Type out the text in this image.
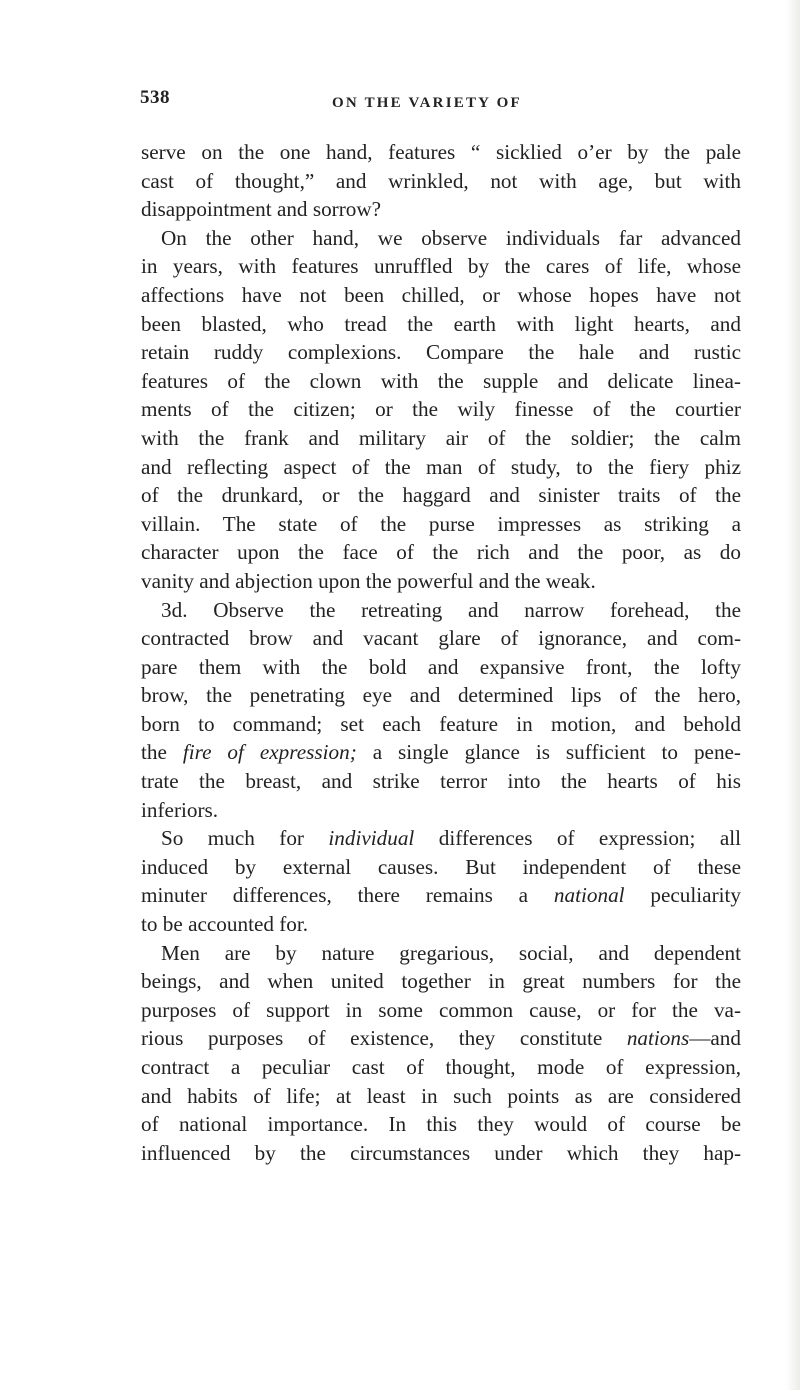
538	ON THE VARIETY OF
serve on the one hand, features “ sicklied o’er by the pale
cast of thought,” and wrinkled, not with age, but with
disappointment and sorrow?
On the other hand, we observe individuals far advanced
in years, with features unruffled by the cares of life, whose
affections have not been chilled, or whose hopes have not
been blasted, who tread the earth with light hearts, and
retain ruddy complexions. Compare the hale and rustic
features of the clown with the supple and delicate linea-
ments of the citizen; or the wily finesse of the courtier
with the frank and military air of the soldier; the calm
and reflecting aspect of the man of study, to the fiery phiz
of the drunkard, or the haggard and sinister traits of the
villain. The state of the purse impresses as striking a
character upon the face of the rich and the poor, as do
vanity and abjection upon the powerful and the weak.
3d. Observe the retreating and narrow forehead, the
contracted brow and vacant glare of ignorance, and com-
pare them with the bold and expansive front, the lofty
brow, the penetrating eye and determined lips of the hero,
born to command; set each feature in motion, and behold
the fire of expression; a single glance is sufficient to pene-
trate the breast, and strike terror into the hearts of his
inferiors.
So much for individual differences of expression; all
induced by external causes. But independent of these
minuter differences, there remains a national peculiarity
to be accounted for.
Men are by nature gregarious, social, and dependent
beings, and when united together in great numbers for the
purposes of support in some common cause, or for the va-
rious purposes of existence, they constitute nations—and
contract a peculiar cast of thought, mode of expression,
and habits of life; at least in such points as are considered
of national importance. In this they would of course be
influenced by the circumstances under which they hap-
